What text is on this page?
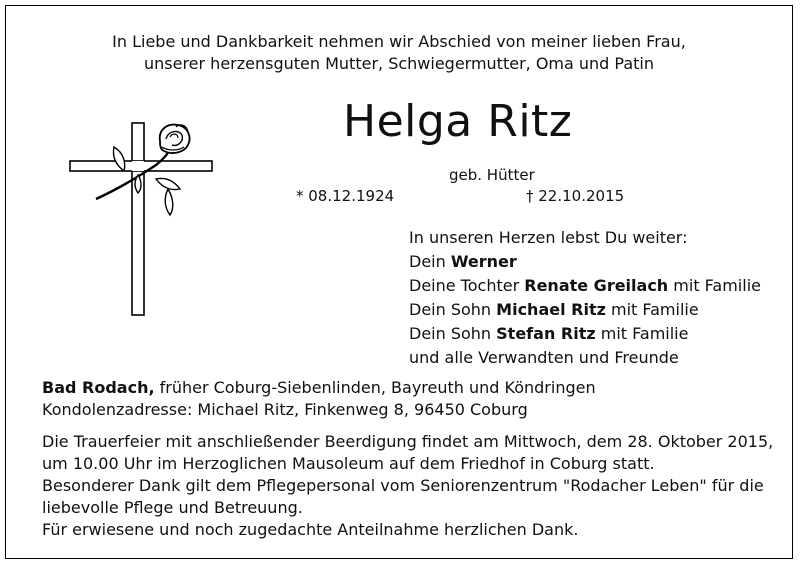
In Liebe und Dankbarkeit nehmen wir Abschied von meiner lieben Frau,
unserer herzensguten Mutter, Schwiegermutter, Oma und Patin
Helga Ritz
geb. Hütter
* 08.12.1924	† 22.10.2015
In unseren Herzen lebst Du weiter:
Dein Werner
Deine Tochter Renate Greilach mit Familie
Dein Sohn Michael Ritz mit Familie
Dein Sohn Stefan Ritz mit Familie
und alle Verwandten und Freunde
Bad Rodach, früher Coburg-Siebenlinden, Bayreuth und Köndringen
Kondolenzadresse: Michael Ritz, Finkenweg 8, 96450 Coburg
Die Trauerfeier mit anschließender Beerdigung findet am Mittwoch, dem 28. Oktober 2015,
um 10.00 Uhr im Herzoglichen Mausoleum auf dem Friedhof in Coburg statt.
Besonderer Dank gilt dem Pflegepersonal vom Seniorenzentrum "Rodacher Leben" für die
liebevolle Pflege und Betreuung.
Für erwiesene und noch zugedachte Anteilnahme herzlichen Dank.
